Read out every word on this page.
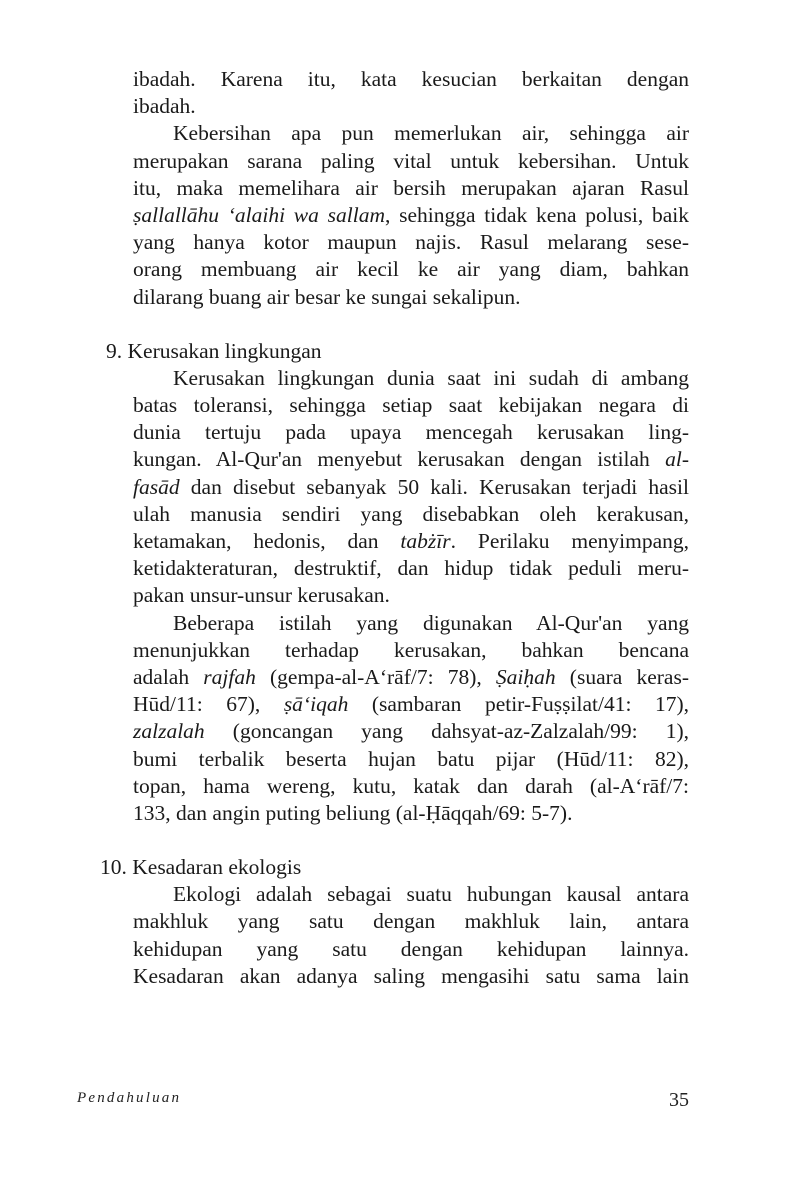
ibadah. Karena itu, kata kesucian berkaitan dengan
ibadah.
Kebersihan apa pun memerlukan air, sehingga air
merupakan sarana paling vital untuk kebersihan. Untuk
itu, maka memelihara air bersih merupakan ajaran Rasul
ṣallallāhu ‘alaihi wa sallam, sehingga tidak kena polusi, baik
yang hanya kotor maupun najis. Rasul melarang sese-
orang membuang air kecil ke air yang diam, bahkan
dilarang buang air besar ke sungai sekalipun.
9. Kerusakan lingkungan
Kerusakan lingkungan dunia saat ini sudah di ambang
batas toleransi, sehingga setiap saat kebijakan negara di
dunia tertuju pada upaya mencegah kerusakan ling-
kungan. Al-Qur'an menyebut kerusakan dengan istilah al-
fasād dan disebut sebanyak 50 kali. Kerusakan terjadi hasil
ulah manusia sendiri yang disebabkan oleh kerakusan,
ketamakan, hedonis, dan tabżīr. Perilaku menyimpang,
ketidakteraturan, destruktif, dan hidup tidak peduli meru-
pakan unsur-unsur kerusakan.
Beberapa istilah yang digunakan Al-Qur'an yang
menunjukkan terhadap kerusakan, bahkan bencana
adalah rajfah (gempa-al-A‘rāf/7: 78), Ṣaiḥah (suara keras-
Hūd/11: 67), ṣā‘iqah (sambaran petir-Fuṣṣilat/41: 17),
zalzalah (goncangan yang dahsyat-az-Zalzalah/99: 1),
bumi terbalik beserta hujan batu pijar (Hūd/11: 82),
topan, hama wereng, kutu, katak dan darah (al-A‘rāf/7:
133, dan angin puting beliung (al-Ḥāqqah/69: 5-7).
10. Kesadaran ekologis
Ekologi adalah sebagai suatu hubungan kausal antara
makhluk yang satu dengan makhluk lain, antara
kehidupan yang satu dengan kehidupan lainnya.
Kesadaran akan adanya saling mengasihi satu sama lain
Pendahuluan	35
